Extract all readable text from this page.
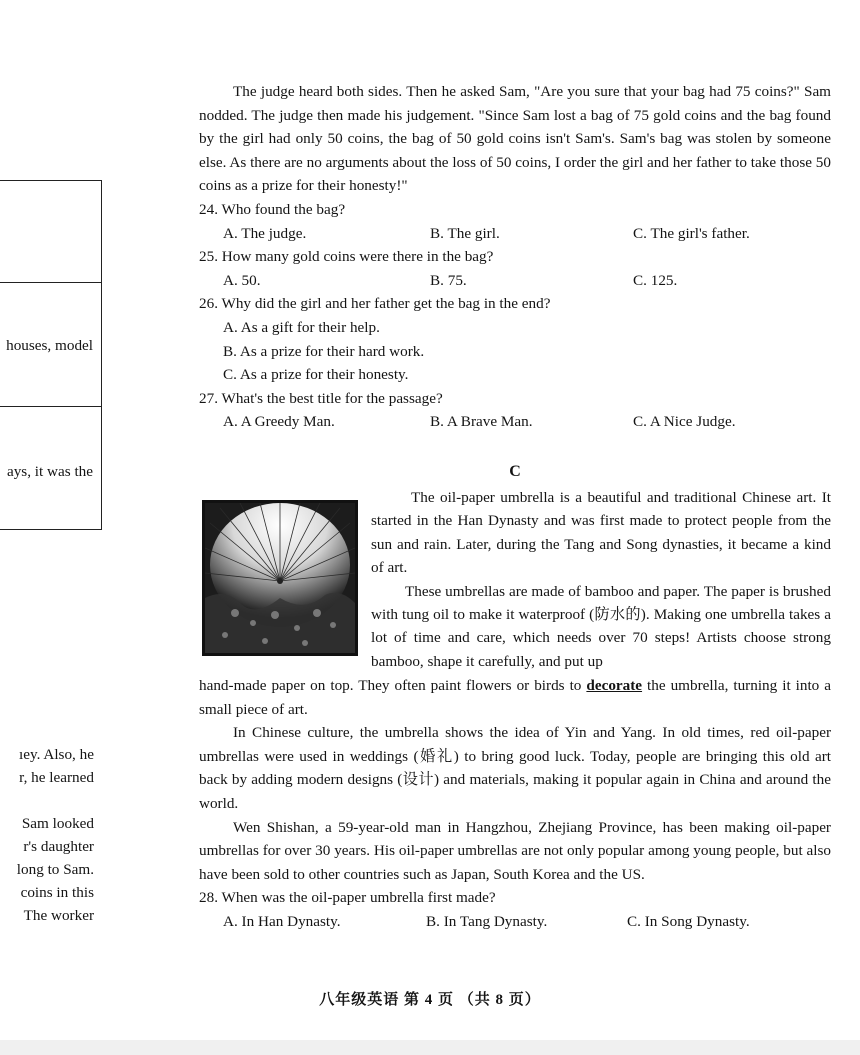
houses, model
ays, it was the
ıey. Also, he
r, he learned
Sam looked
r's daughter
long to Sam.
coins in this
The worker

The judge heard both sides. Then he asked Sam, "Are you sure that your bag had 75 coins?" Sam nodded. The judge then made his judgement. "Since Sam lost a bag of 75 gold coins and the bag found by the girl had only 50 coins, the bag of 50 gold coins isn't Sam's. Sam's bag was stolen by someone else. As there are no arguments about the loss of 50 coins, I order the girl and her father to take those 50 coins as a prize for their honesty!"

24. Who found the bag?

A. The judge.	B. The girl.	C. The girl's father.

25. How many gold coins were there in the bag?

A. 50.	B. 75.	C. 125.

26. Why did the girl and her father get the bag in the end?

A. As a gift for their help.

B. As a prize for their hard work.

C. As a prize for their honesty.

27. What's the best title for the passage?

A. A Greedy Man.	B. A Brave Man.	C. A Nice Judge.
C

The oil-paper umbrella is a beautiful and traditional Chinese art. It started in the Han Dynasty and was first made to protect people from the sun and rain. Later, during the Tang and Song dynasties, it became a kind of art.

These umbrellas are made of bamboo and paper. The paper is brushed with tung oil to make it waterproof (防水的). Making one umbrella takes a lot of time and care, which needs over 70 steps! Artists choose strong bamboo, shape it carefully, and put up

hand-made paper on top. They often paint flowers or birds to decorate the umbrella, turning it into a small piece of art.

In Chinese culture, the umbrella shows the idea of Yin and Yang. In old times, red oil-paper umbrellas were used in weddings (婚礼) to bring good luck. Today, people are bringing this old art back by adding modern designs (设计) and materials, making it popular again in China and around the world.

Wen Shishan, a 59-year-old man in Hangzhou, Zhejiang Province, has been making oil-paper umbrellas for over 30 years. His oil-paper umbrellas are not only popular among young people, but also have been sold to other countries such as Japan, South Korea and the US.

28. When was the oil-paper umbrella first made?

A. In Han Dynasty.	B. In Tang Dynasty.	C. In Song Dynasty.
八年级英语 第 4 页 （共 8 页）
